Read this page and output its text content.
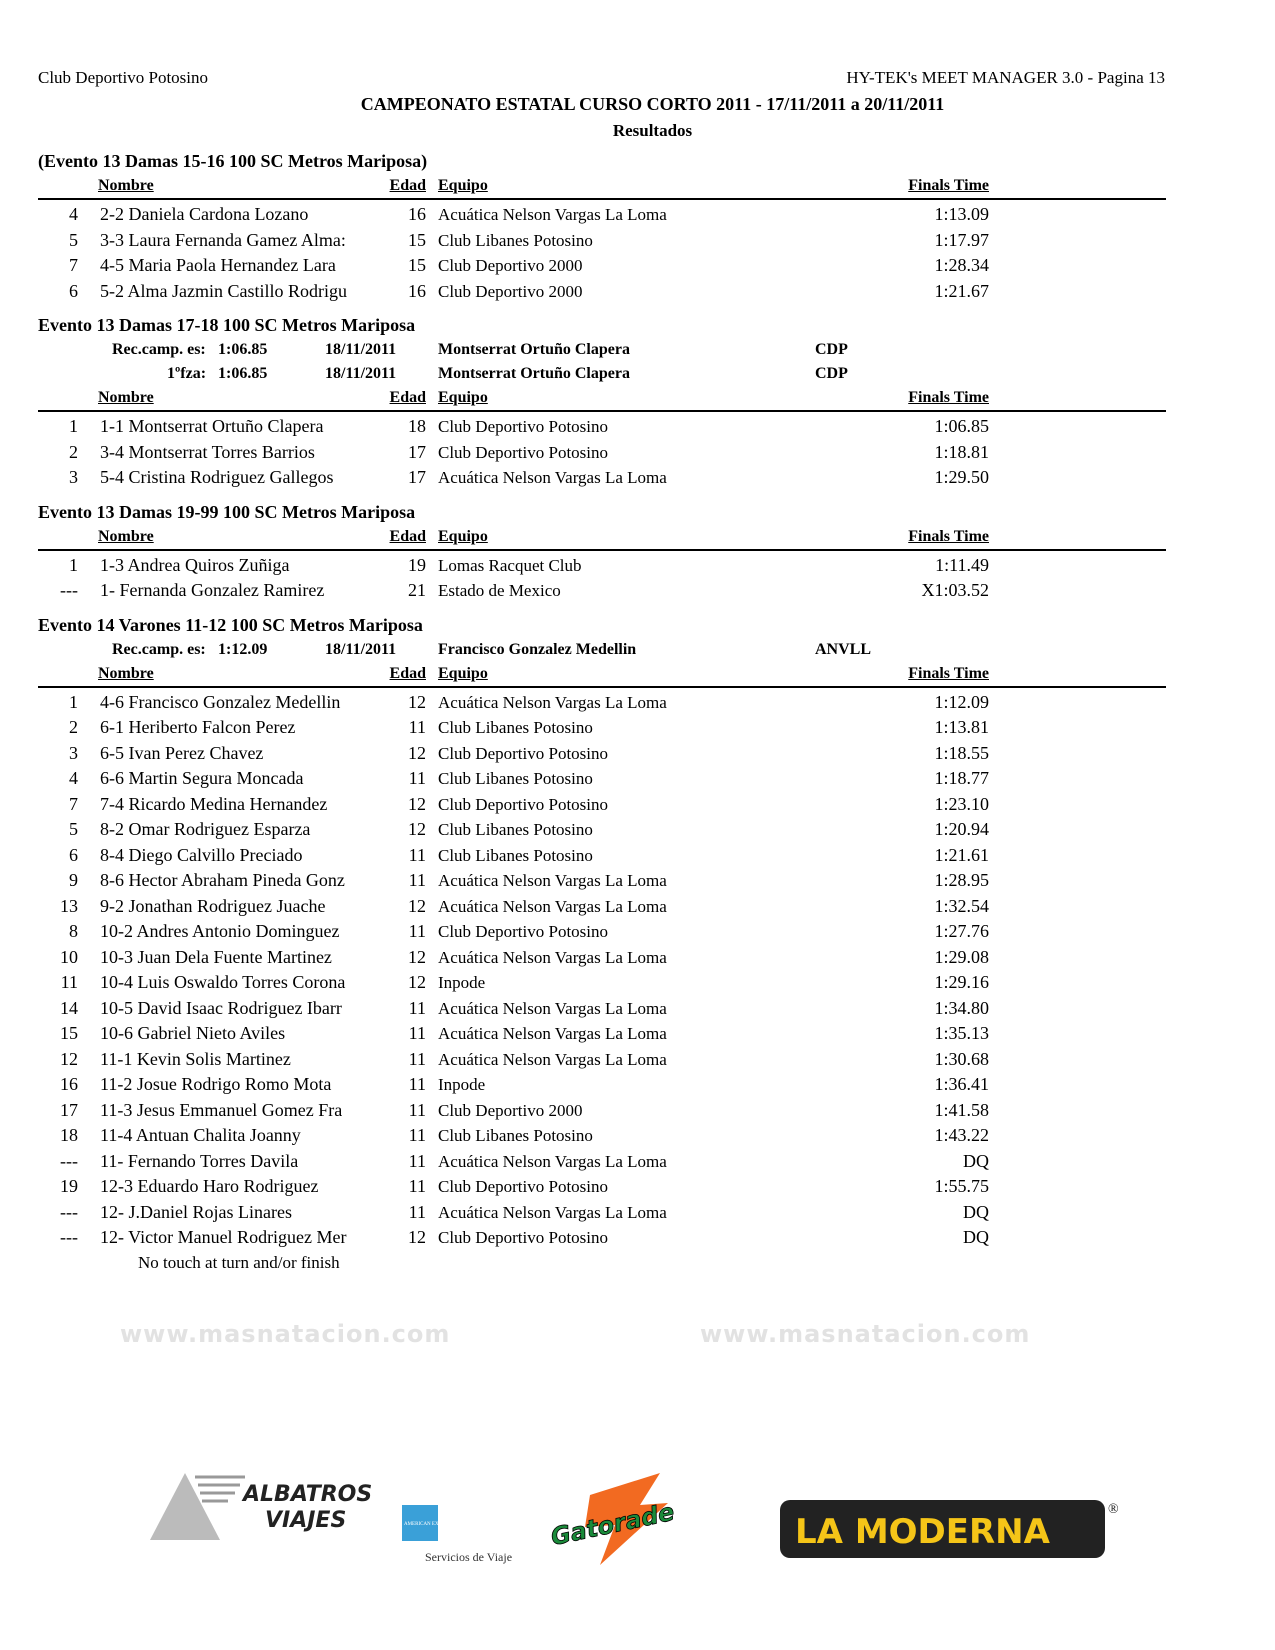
Club Deportivo Potosino	HY-TEK's MEET MANAGER 3.0 - Pagina 13
CAMPEONATO ESTATAL CURSO CORTO 2011 - 17/11/2011 a 20/11/2011
Resultados
(Evento 13 Damas 15-16 100 SC Metros Mariposa)
Nombre	Edad Equipo	Finals Time
4 2-2 Daniela Cardona Lozano	16 Acuática Nelson Vargas La Loma	1:13.09
5 3-3 Laura Fernanda Gamez Alma:	15 Club Libanes Potosino	1:17.97
7 4-5 Maria Paola Hernandez Lara	15 Club Deportivo 2000	1:28.34
6 5-2 Alma Jazmin Castillo Rodrigu	16 Club Deportivo 2000	1:21.67
Evento 13 Damas 17-18 100 SC Metros Mariposa
Rec.camp. es: 1:06.85	18/11/2011	Montserrat Ortuño Clapera	CDP
1ºfza: 1:06.85	18/11/2011	Montserrat Ortuño Clapera	CDP
Nombre	Edad Equipo	Finals Time
1 1-1 Montserrat Ortuño Clapera	18 Club Deportivo Potosino	1:06.85
2 3-4 Montserrat Torres Barrios	17 Club Deportivo Potosino	1:18.81
3 5-4 Cristina Rodriguez Gallegos	17 Acuática Nelson Vargas La Loma	1:29.50
Evento 13 Damas 19-99 100 SC Metros Mariposa
Nombre	Edad Equipo	Finals Time
1 1-3 Andrea Quiros Zuñiga	19 Lomas Racquet Club	1:11.49
--- 1- Fernanda Gonzalez Ramirez	21 Estado de Mexico	X1:03.52
Evento 14 Varones 11-12 100 SC Metros Mariposa
Rec.camp. es: 1:12.09	18/11/2011	Francisco Gonzalez Medellin	ANVLL
Nombre	Edad Equipo	Finals Time
1 4-6 Francisco Gonzalez Medellin	12 Acuática Nelson Vargas La Loma	1:12.09
2 6-1 Heriberto Falcon Perez	11 Club Libanes Potosino	1:13.81
3 6-5 Ivan Perez Chavez	12 Club Deportivo Potosino	1:18.55
4 6-6 Martin Segura Moncada	11 Club Libanes Potosino	1:18.77
7 7-4 Ricardo Medina Hernandez	12 Club Deportivo Potosino	1:23.10
5 8-2 Omar Rodriguez Esparza	12 Club Libanes Potosino	1:20.94
6 8-4 Diego Calvillo Preciado	11 Club Libanes Potosino	1:21.61
9 8-6 Hector Abraham Pineda Gonz	11 Acuática Nelson Vargas La Loma	1:28.95
13 9-2 Jonathan Rodriguez Juache	12 Acuática Nelson Vargas La Loma	1:32.54
8 10-2 Andres Antonio Dominguez	11 Club Deportivo Potosino	1:27.76
10 10-3 Juan Dela Fuente Martinez	12 Acuática Nelson Vargas La Loma	1:29.08
11 10-4 Luis Oswaldo Torres Corona	12 Inpode	1:29.16
14 10-5 David Isaac Rodriguez Ibarr	11 Acuática Nelson Vargas La Loma	1:34.80
15 10-6 Gabriel Nieto Aviles	11 Acuática Nelson Vargas La Loma	1:35.13
12 11-1 Kevin Solis Martinez	11 Acuática Nelson Vargas La Loma	1:30.68
16 11-2 Josue Rodrigo Romo Mota	11 Inpode	1:36.41
17 11-3 Jesus Emmanuel Gomez Fra	11 Club Deportivo 2000	1:41.58
18 11-4 Antuan Chalita Joanny	11 Club Libanes Potosino	1:43.22
--- 11- Fernando Torres Davila	11 Acuática Nelson Vargas La Loma	DQ
19 12-3 Eduardo Haro Rodriguez	11 Club Deportivo Potosino	1:55.75
--- 12- J.Daniel Rojas Linares	11 Acuática Nelson Vargas La Loma	DQ
--- 12- Victor Manuel Rodriguez Mer	12 Club Deportivo Potosino	DQ
No touch at turn and/or finish
www.masnatacion.com	www.masnatacion.com
ALBATROS
VIAJES	AMERICAN EXPRESS
Servicios de Viaje
Gatorade	LA MODERNA
®
